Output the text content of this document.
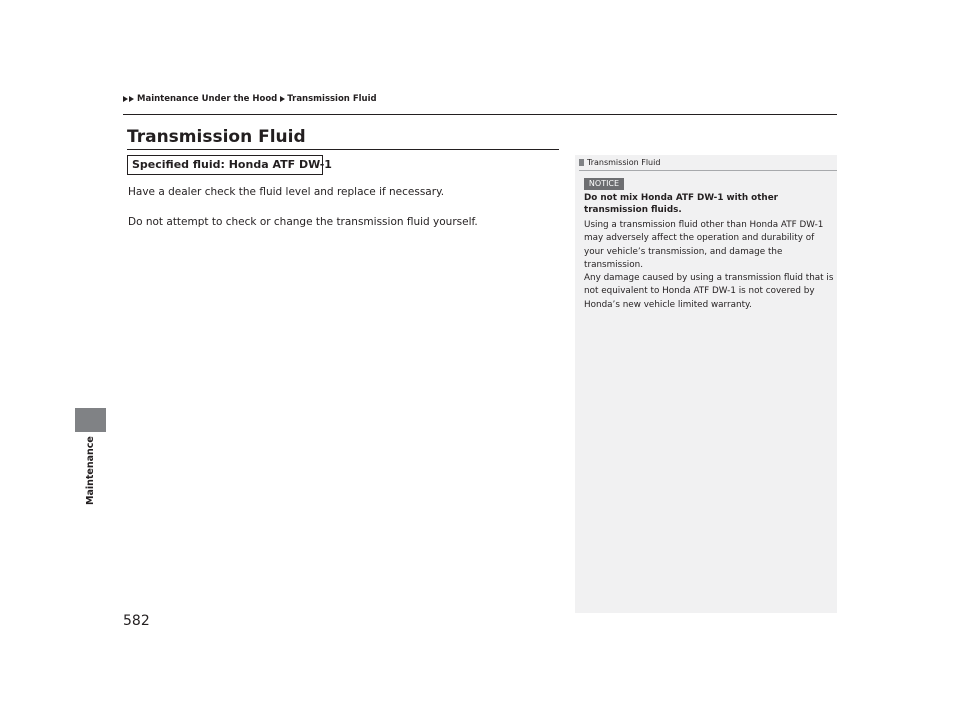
Maintenance Under the Hood Transmission Fluid
Maintenance
Transmission Fluid
Specified fluid: Honda ATF DW-1
Have a dealer check the fluid level and replace if necessary.
Do not attempt to check or change the transmission fluid yourself.
Transmission Fluid
NOTICE
Do not mix Honda ATF DW-1 with other transmission fluids.

Using a transmission fluid other than Honda ATF DW-1 may adversely affect the operation and durability of your vehicle’s transmission, and damage the transmission.

Any damage caused by using a transmission fluid that is not equivalent to Honda ATF DW-1 is not covered by Honda’s new vehicle limited warranty.

582
